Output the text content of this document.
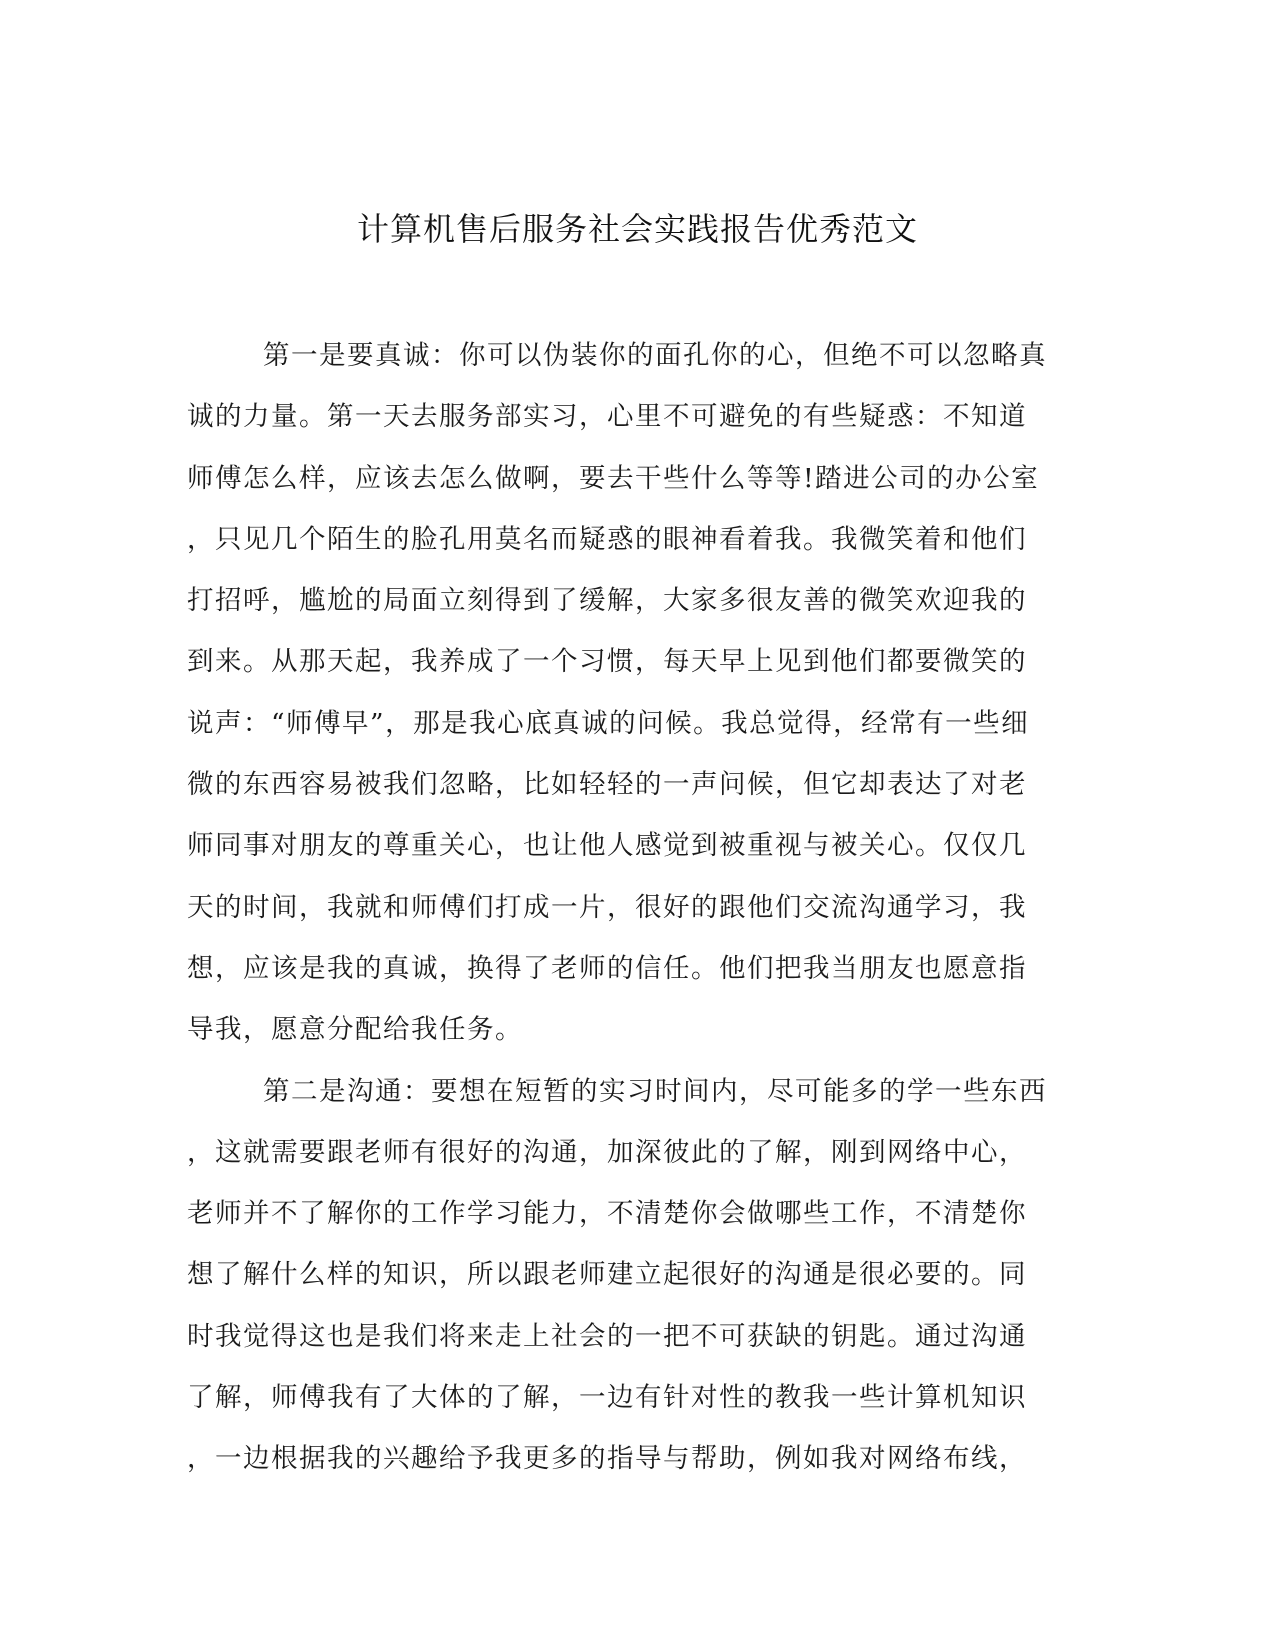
计算机售后服务社会实践报告优秀范文
第一是要真诚：你可以伪装你的面孔你的心，但绝不可以忽略真
诚的力量。第一天去服务部实习，心里不可避免的有些疑惑：不知道
师傅怎么样，应该去怎么做啊，要去干些什么等等!踏进公司的办公室
，只见几个陌生的脸孔用莫名而疑惑的眼神看着我。我微笑着和他们
打招呼，尴尬的局面立刻得到了缓解，大家多很友善的微笑欢迎我的
到来。从那天起，我养成了一个习惯，每天早上见到他们都要微笑的
说声：“师傅早”，那是我心底真诚的问候。我总觉得，经常有一些细
微的东西容易被我们忽略，比如轻轻的一声问候，但它却表达了对老
师同事对朋友的尊重关心，也让他人感觉到被重视与被关心。仅仅几
天的时间，我就和师傅们打成一片，很好的跟他们交流沟通学习，我
想，应该是我的真诚，换得了老师的信任。他们把我当朋友也愿意指
导我，愿意分配给我任务。
第二是沟通：要想在短暂的实习时间内，尽可能多的学一些东西
，这就需要跟老师有很好的沟通，加深彼此的了解，刚到网络中心，
老师并不了解你的工作学习能力，不清楚你会做哪些工作，不清楚你
想了解什么样的知识，所以跟老师建立起很好的沟通是很必要的。同
时我觉得这也是我们将来走上社会的一把不可获缺的钥匙。通过沟通
了解，师傅我有了大体的了解，一边有针对性的教我一些计算机知识
，一边根据我的兴趣给予我更多的指导与帮助，例如我对网络布线，
